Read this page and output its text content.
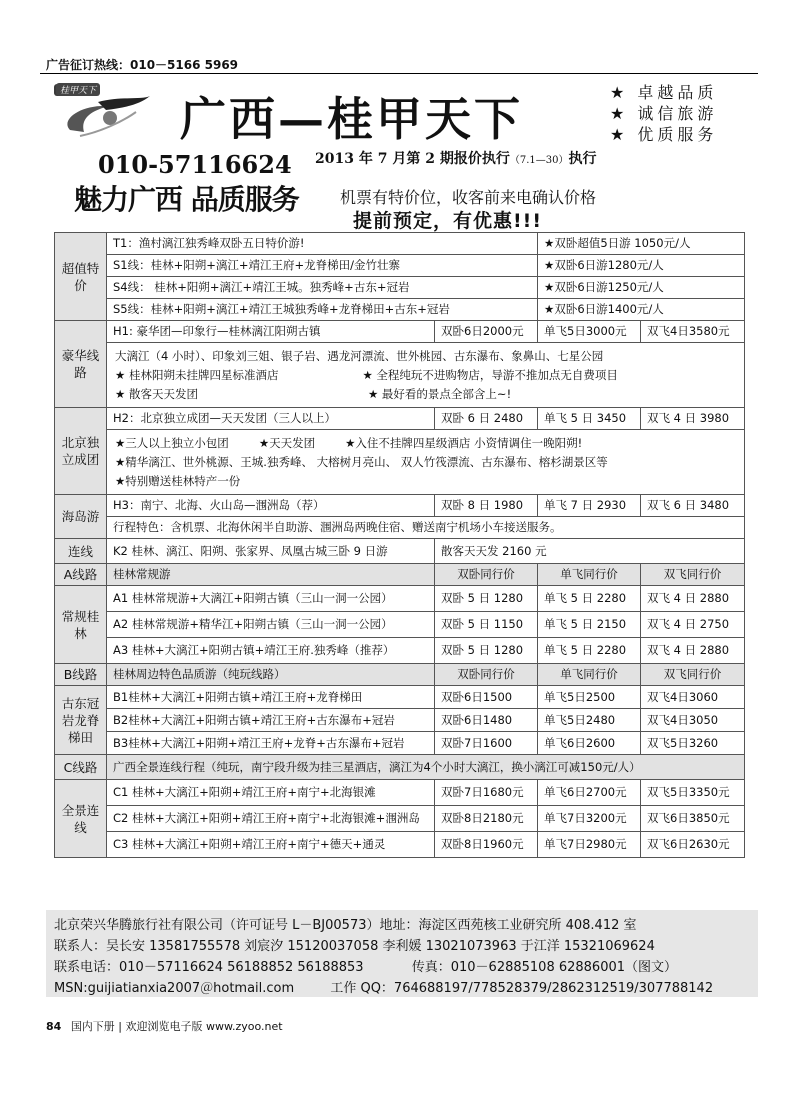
广告征订热线：010－5166 5969
桂甲天下
广西—桂甲天下	★ 卓越品质
★ 诚信旅游
★ 优质服务
010-57116624 2013 年 7 月第 2 期报价执行（7.1—30）执行
魅力广西 品质服务	机票有特价位，收客前来电确认价格
提前预定，有优惠!!!
超值特价	T1：渔村漓江独秀峰双卧五日特价游!		★双卧超值5日游 1050元/人	
	S1线：桂林+阳朔+漓江+靖江王府+龙脊梯田/金竹壮寨		★双卧6日游1280元/人	
	S4线： 桂林+阳朔+漓江+靖江王城。独秀峰+古东+冠岩		★双卧6日游1250元/人	
	S5线：桂林+阳朔+漓江+靖江王城独秀峰+龙脊梯田+古东+冠岩		★双卧6日游1400元/人	
豪华线路	H1: 豪华团—印象行—桂林漓江阳朔古镇	双卧6日2000元	单飞5日3000元	双飞4日3580元

	大漓江（4 小时）、印象刘三姐、银子岩、遇龙河漂流、世外桃园、古东瀑布、象鼻山、七星公园
★ 桂林阳朔未挂牌四星标准酒店 ★ 全程纯玩不进购物店，导游不推加点无自费项目
★ 散客天天发团 ★ 最好看的景点全部含上~!			

北京独立成团	H2：北京独立成团—天天发团（三人以上）	双卧 6 日 2480	单飞 5 日 3450	双飞 4 日 3980

	★三人以上独立小包团 ★天天发团 ★入住不挂牌四星级酒店 小资情调住一晚阳朔!
★精华漓江、世外桃源、王城.独秀峰、 大榕树月亮山、 双人竹筏漂流、古东瀑布、榕杉湖景区等
★特别赠送桂林特产一份			

海岛游	H3：南宁、北海、火山岛—涠洲岛（荐）	双卧 8 日 1980	单飞 7 日 2930	双飞 6 日 3480
	行程特色：含机票、北海休闲半自助游、涠洲岛两晚住宿、赠送南宁机场小车接送服务。			
连线	K2 桂林、漓江、阳朔、张家界、凤凰古城三卧 9 日游	散客天天发 2160 元		
A线路	桂林常规游	双卧同行价	单飞同行价	双飞同行价
常规桂林	A1 桂林常规游+大漓江+阳朔古镇（三山一洞一公园）	双卧 5 日 1280	单飞 5 日 2280	双飞 4 日 2880
	A2 桂林常规游+精华江+阳朔古镇（三山一洞一公园）	双卧 5 日 1150	单飞 5 日 2150	双飞 4 日 2750
	A3 桂林+大漓江+阳朔古镇+靖江王府.独秀峰（推荐）	双卧 5 日 1280	单飞 5 日 2280	双飞 4 日 2880
B线路	桂林周边特色品质游（纯玩线路）	双卧同行价	单飞同行价	双飞同行价
古东冠岩龙脊梯田	B1桂林+大漓江+阳朔古镇+靖江王府+龙脊梯田	双卧6日1500	单飞5日2500	双飞4日3060
	B2桂林+大漓江+阳朔古镇+靖江王府+古东瀑布+冠岩	双卧6日1480	单飞5日2480	双飞4日3050
	B3桂林+大漓江+阳朔+靖江王府+龙脊+古东瀑布+冠岩	双卧7日1600	单飞6日2600	双飞5日3260
C线路	广西全景连线行程（纯玩，南宁段升级为挂三星酒店，漓江为4个小时大漓江，换小漓江可减150元/人）			
全景连线	C1 桂林+大漓江+阳朔+靖江王府+南宁+北海银滩	双卧7日1680元	单飞6日2700元	双飞5日3350元
	C2 桂林+大漓江+阳朔+靖江王府+南宁+北海银滩+涠洲岛	双卧8日2180元	单飞7日3200元	双飞6日3850元
	C3 桂林+大漓江+阳朔+靖江王府+南宁+德天+通灵	双卧8日1960元	单飞7日2980元	双飞6日2630元
北京荣兴华腾旅行社有限公司（许可证号 L－BJ00573）地址：海淀区西苑核工业研究所 408.412 室
联系人：吴长安 13581755578 刘宸汐 15120037058 李利媛 13021073963 于江洋 15321069624
联系电话：010－57116624 56188852 56188853	传真：010－62885108 62886001（图文）
MSN:guijiatianxia2007＠hotmail.com	工作 QQ：764688197/778528379/2862312519/307788142
84 国内下册 | 欢迎浏览电子版 www.zyoo.net
